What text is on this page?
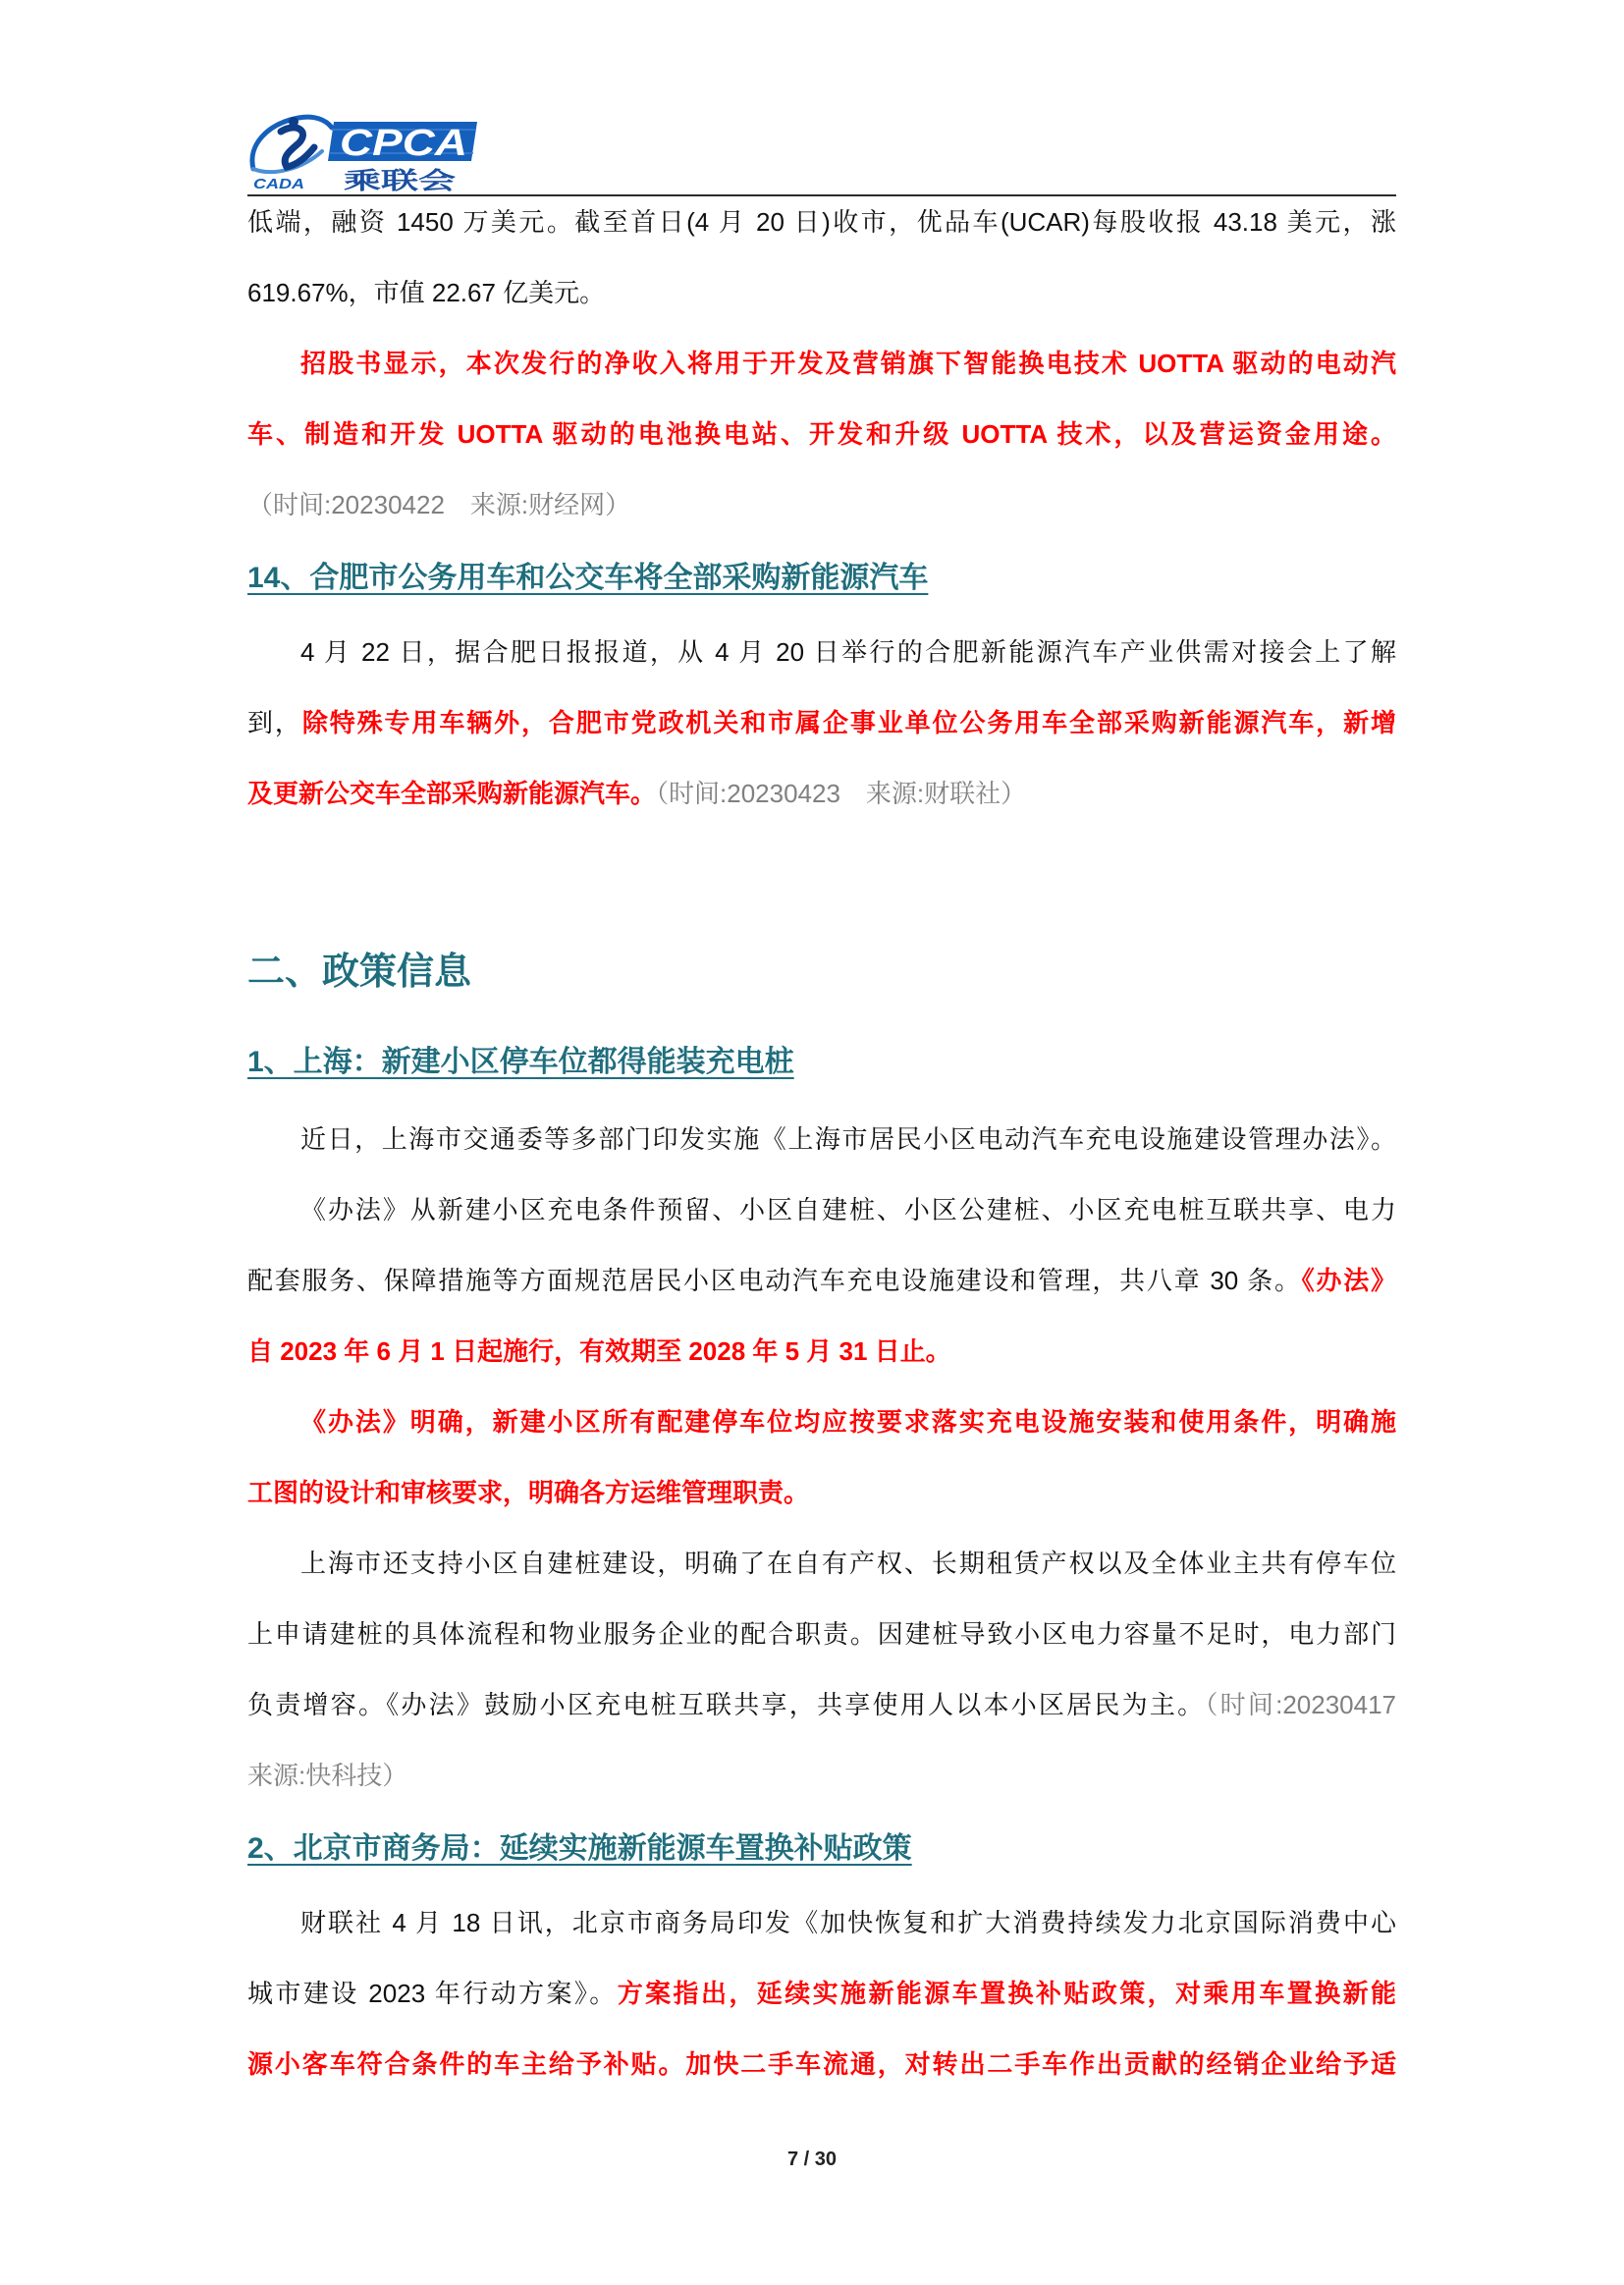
CADA
CPCA
乘联会
低端，融资 1450 万美元。截至首日(4 月 20 日)收市，优品车(UCAR)每股收报 43.18 美元，涨
619.67%，市值 22.67 亿美元。
招股书显示，本次发行的净收入将用于开发及营销旗下智能换电技术 UOTTA 驱动的电动汽
车、制造和开发 UOTTA 驱动的电池换电站、开发和升级 UOTTA 技术，以及营运资金用途。
（时间:20230422　来源:财经网）
14、合肥市公务用车和公交车将全部采购新能源汽车
4 月 22 日，据合肥日报报道，从 4 月 20 日举行的合肥新能源汽车产业供需对接会上了解
到，除特殊专用车辆外，合肥市党政机关和市属企事业单位公务用车全部采购新能源汽车，新增
及更新公交车全部采购新能源汽车。（时间:20230423　来源:财联社）
二、政策信息
1、上海：新建小区停车位都得能装充电桩
近日，上海市交通委等多部门印发实施《上海市居民小区电动汽车充电设施建设管理办法》。
《办法》从新建小区充电条件预留、小区自建桩、小区公建桩、小区充电桩互联共享、电力
配套服务、保障措施等方面规范居民小区电动汽车充电设施建设和管理，共八章 30 条。《办法》
自 2023 年 6 月 1 日起施行，有效期至 2028 年 5 月 31 日止。
《办法》明确，新建小区所有配建停车位均应按要求落实充电设施安装和使用条件，明确施
工图的设计和审核要求，明确各方运维管理职责。
上海市还支持小区自建桩建设，明确了在自有产权、长期租赁产权以及全体业主共有停车位
上申请建桩的具体流程和物业服务企业的配合职责。因建桩导致小区电力容量不足时，电力部门
负责增容。《办法》鼓励小区充电桩互联共享，共享使用人以本小区居民为主。（时间:20230417
来源:快科技）
2、北京市商务局：延续实施新能源车置换补贴政策
财联社 4 月 18 日讯，北京市商务局印发《加快恢复和扩大消费持续发力北京国际消费中心
城市建设 2023 年行动方案》。方案指出，延续实施新能源车置换补贴政策，对乘用车置换新能
源小客车符合条件的车主给予补贴。加快二手车流通，对转出二手车作出贡献的经销企业给予适
7 / 30
